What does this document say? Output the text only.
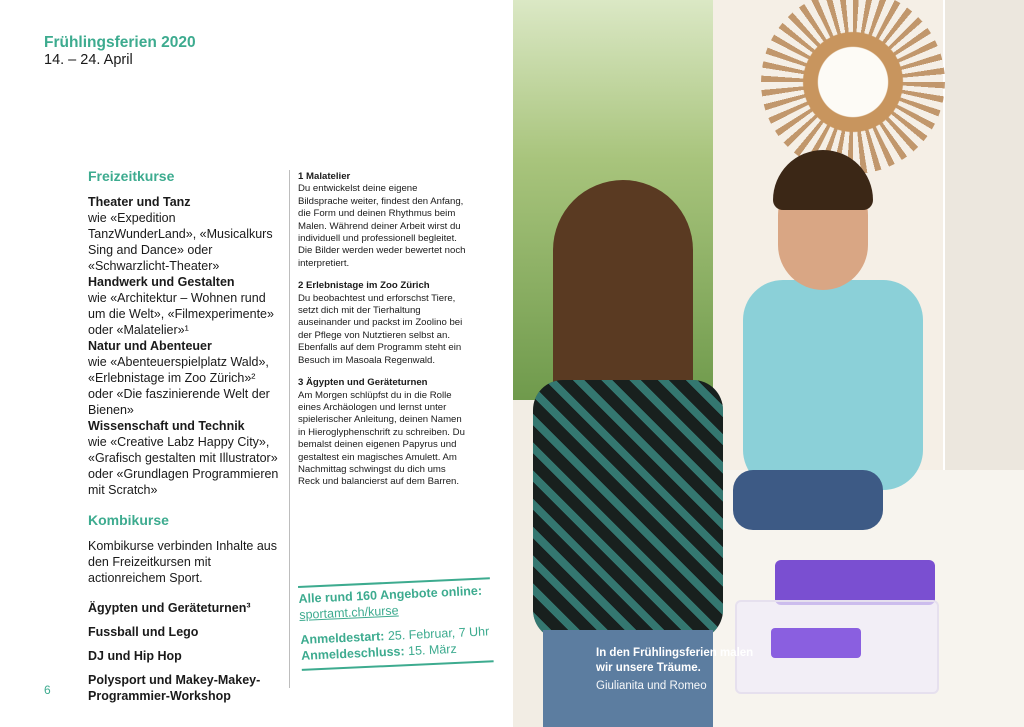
Frühlingsferien 2020
14. – 24. April
Freizeitkurse
Theater und Tanz
wie «Expedition TanzWunderLand», «Musicalkurs Sing and Dance» oder «Schwarzlicht-Theater»
Handwerk und Gestalten
wie «Architektur – Wohnen rund um die Welt», «Filmexperimente» oder «Malatelier»¹
Natur und Abenteuer
wie «Abenteuerspielplatz Wald», «Erlebnistage im Zoo Zürich»² oder «Die faszinierende Welt der Bienen»
Wissenschaft und Technik
wie «Creative Labz Happy City», «Grafisch gestalten mit Illustrator» oder «Grundlagen Programmieren mit Scratch»
Kombikurse
Kombikurse verbinden Inhalte aus den Freizeitkursen mit actionreichem Sport.
Ägypten und Geräteturnen³
Fussball und Lego
DJ und Hip Hop
Polysport und Makey-Makey-Programmier-Workshop
1 Malatelier
Du entwickelst deine eigene Bildsprache weiter, findest den Anfang, die Form und deinen Rhythmus beim Malen. Während deiner Arbeit wirst du individuell und professionell begleitet. Die Bilder werden weder bewertet noch interpretiert.
2 Erlebnistage im Zoo Zürich
Du beobachtest und erforschst Tiere, setzt dich mit der Tierhaltung auseinander und packst im Zoolino bei der Pflege von Nutztieren selbst an. Ebenfalls auf dem Programm steht ein Besuch im Masoala Regenwald.
3 Ägypten und Geräteturnen
Am Morgen schlüpfst du in die Rolle eines Archäologen und lernst unter spielerischer Anleitung, deinen Namen in Hieroglyphenschrift zu schreiben. Du bemalst deinen eigenen Papyrus und gestaltest ein magisches Amulett. Am Nachmittag schwingst du dich ums Reck und balancierst auf dem Barren.
Alle rund 160 Angebote online:
sportamt.ch/kurse
Anmeldestart: 25. Februar, 7 Uhr
Anmeldeschluss: 15. März
6
In den Frühlingsferien malen wir unsere Träume.
Giulianita und Romeo
